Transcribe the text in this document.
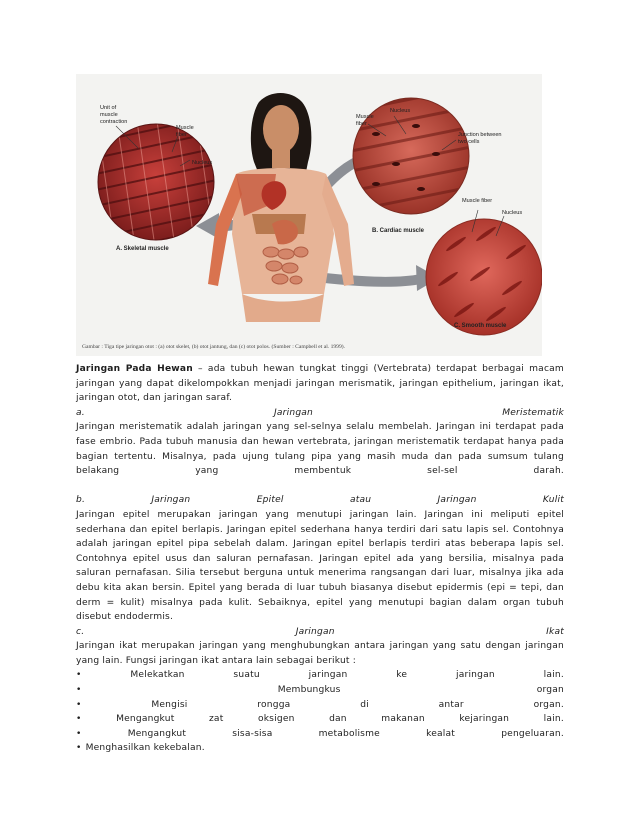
Unit of
muscle
contraction
Muscle
fiber
Nucleus
Muscle
fiber
Nucleus
Junction between
two cells
Muscle fiber
Nucleus
A. Skeletal muscle
B. Cardiac muscle
C. Smooth muscle
Gambar : Tiga tipe jaringan otot : (a) otot skelet, (b) otot jantung, dan (c) otot polos. (Sumber : Campbell et al. 1999).

Jaringan Pada Hewan – ada tubuh hewan tungkat tinggi (Vertebrata) terdapat berbagai macam jaringan yang dapat dikelompokkan menjadi jaringan merismatik, jaringan epithelium, jaringan ikat, jaringan otot, dan jaringan saraf.

a.	Jaringan	Meristematik

Jaringan meristematik adalah jaringan yang sel-selnya selalu membelah. Jaringan ini terdapat pada fase embrio. Pada tubuh manusia dan hewan vertebrata, jaringan meristematik terdapat hanya pada bagian tertentu. Misalnya, pada ujung tulang pipa yang masih muda dan pada sumsum tulang belakang yang membentuk sel-sel darah.

b.	Jaringan	Epitel	atau	Jaringan	Kulit

Jaringan epitel merupakan jaringan yang menutupi jaringan lain. Jaringan ini meliputi epitel sederhana dan epitel berlapis. Jaringan epitel sederhana hanya terdiri dari satu lapis sel. Contohnya adalah jaringan epitel pipa sebelah dalam. Jaringan epitel berlapis terdiri atas beberapa lapis sel. Contohnya epitel usus dan saluran pernafasan. Jaringan epitel ada yang bersilia, misalnya pada saluran pernafasan. Silia tersebut berguna untuk menerima rangsangan dari luar, misalnya jika ada debu kita akan bersin. Epitel yang berada di luar tubuh biasanya disebut epidermis (epi = tepi, dan derm = kulit) misalnya pada kulit. Sebaiknya, epitel yang menutupi bagian dalam organ tubuh disebut endodermis.

c.	Jaringan	Ikat

Jaringan ikat merupakan jaringan yang menghubungkan antara jaringan yang satu dengan jaringan yang lain. Fungsi jaringan ikat antara lain sebagai berikut :

•	Melekatkan	suatu	jaringan	ke	jaringan	lain.
•	Membungkus	organ
•	Mengisi	rongga	di	antar	organ.
•	Mengangkut	zat	oksigen	dan	makanan	kejaringan	lain.
•	Mengangkut	sisa-sisa	metabolisme	kealat	pengeluaran.
• Menghasilkan kekebalan.
